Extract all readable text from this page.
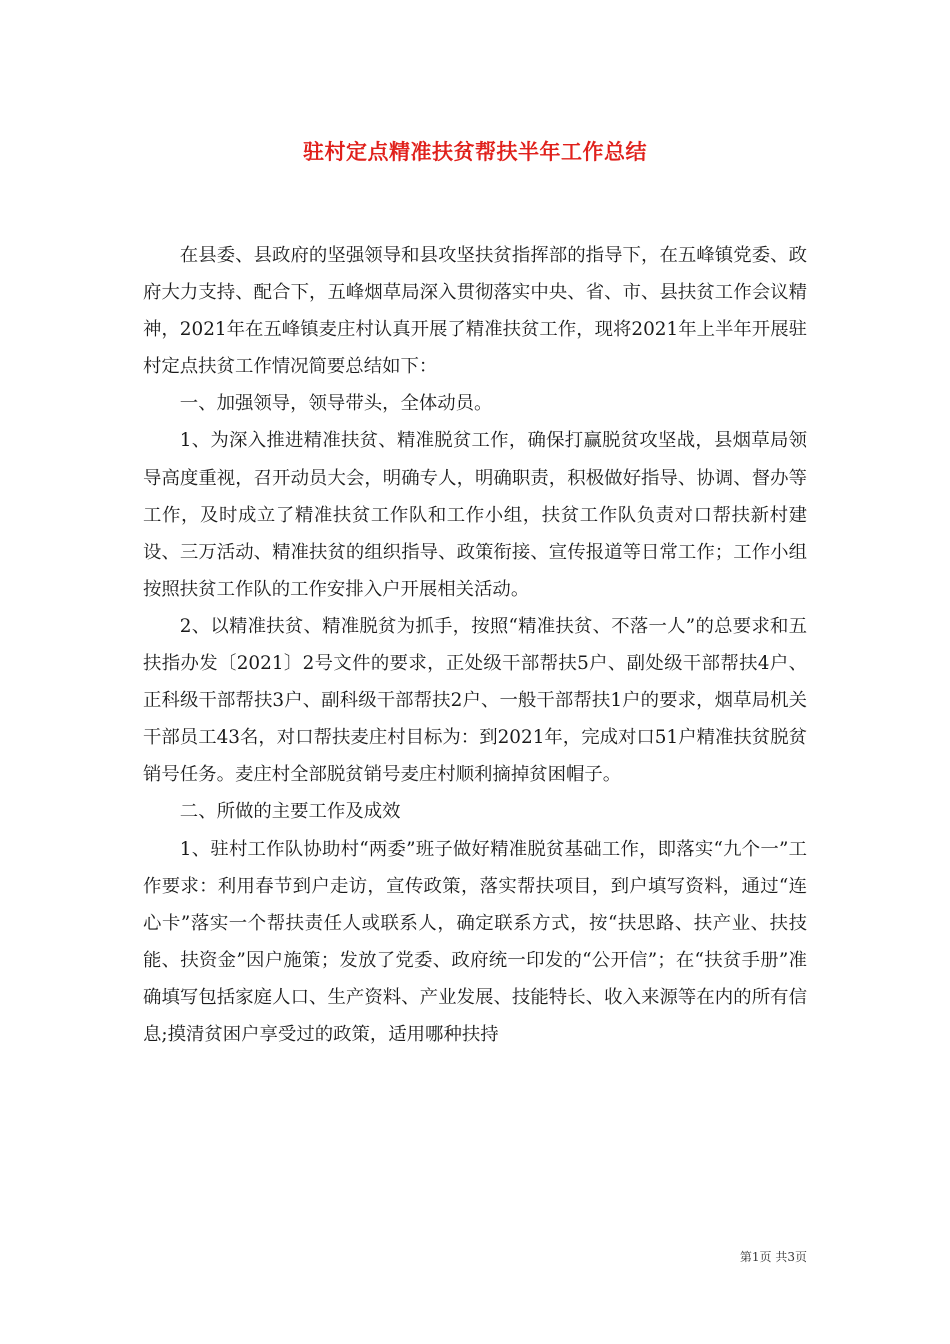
驻村定点精准扶贫帮扶半年工作总结

在县委、县政府的坚强领导和县攻坚扶贫指挥部的指导下，在五峰镇党委、政府大力支持、配合下，五峰烟草局深入贯彻落实中央、省、市、县扶贫工作会议精神，2021年在五峰镇麦庄村认真开展了精准扶贫工作，现将2021年上半年开展驻村定点扶贫工作情况简要总结如下：

一、加强领导，领导带头，全体动员。

1、为深入推进精准扶贫、精准脱贫工作，确保打赢脱贫攻坚战，县烟草局领导高度重视，召开动员大会，明确专人，明确职责，积极做好指导、协调、督办等工作，及时成立了精准扶贫工作队和工作小组，扶贫工作队负责对口帮扶新村建设、三万活动、精准扶贫的组织指导、政策衔接、宣传报道等日常工作；工作小组按照扶贫工作队的工作安排入户开展相关活动。

2、以精准扶贫、精准脱贫为抓手，按照“精准扶贫、不落一人”的总要求和五扶指办发〔2021〕2号文件的要求，正处级干部帮扶5户、副处级干部帮扶4户、正科级干部帮扶3户、副科级干部帮扶2户、一般干部帮扶1户的要求，烟草局机关干部员工43名，对口帮扶麦庄村目标为：到2021年，完成对口51户精准扶贫脱贫销号任务。麦庄村全部脱贫销号麦庄村顺利摘掉贫困帽子。

二、所做的主要工作及成效

1、驻村工作队协助村“两委”班子做好精准脱贫基础工作，即落实“九个一”工作要求：利用春节到户走访，宣传政策，落实帮扶项目，到户填写资料，通过“连心卡”落实一个帮扶责任人或联系人，确定联系方式，按“扶思路、扶产业、扶技能、扶资金”因户施策；发放了党委、政府统一印发的“公开信”；在“扶贫手册”准确填写包括家庭人口、生产资料、产业发展、技能特长、收入来源等在内的所有信息;摸清贫困户享受过的政策，适用哪种扶持

第1页 共3页
